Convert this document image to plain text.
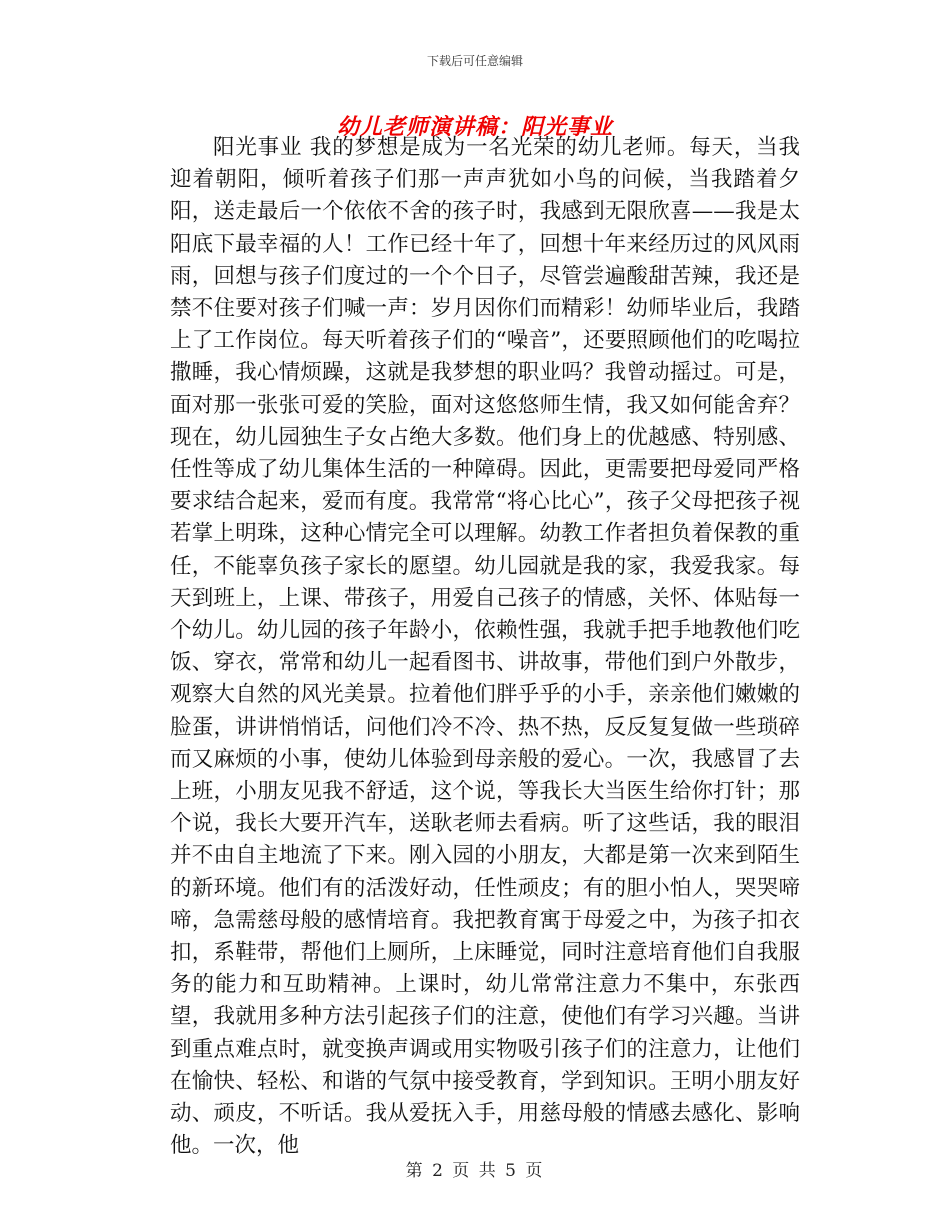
下载后可任意编辑
幼儿老师演讲稿：阳光事业

阳光事业 我的梦想是成为一名光荣的幼儿老师。每天，当我迎着朝阳，倾听着孩子们那一声声犹如小鸟的问候，当我踏着夕阳，送走最后一个依依不舍的孩子时，我感到无限欣喜——我是太阳底下最幸福的人！工作已经十年了，回想十年来经历过的风风雨雨，回想与孩子们度过的一个个日子，尽管尝遍酸甜苦辣，我还是禁不住要对孩子们喊一声：岁月因你们而精彩！幼师毕业后，我踏上了工作岗位。每天听着孩子们的“噪音”，还要照顾他们的吃喝拉撒睡，我心情烦躁，这就是我梦想的职业吗？我曾动摇过。可是，面对那一张张可爱的笑脸，面对这悠悠师生情，我又如何能舍弃？现在，幼儿园独生子女占绝大多数。他们身上的优越感、特别感、任性等成了幼儿集体生活的一种障碍。因此，更需要把母爱同严格要求结合起来，爱而有度。我常常“将心比心”，孩子父母把孩子视若掌上明珠，这种心情完全可以理解。幼教工作者担负着保教的重任，不能辜负孩子家长的愿望。幼儿园就是我的家，我爱我家。每天到班上，上课、带孩子，用爱自己孩子的情感，关怀、体贴每一个幼儿。幼儿园的孩子年龄小，依赖性强，我就手把手地教他们吃饭、穿衣，常常和幼儿一起看图书、讲故事，带他们到户外散步，观察大自然的风光美景。拉着他们胖乎乎的小手，亲亲他们嫩嫩的脸蛋，讲讲悄悄话，问他们冷不冷、热不热，反反复复做一些琐碎而又麻烦的小事，使幼儿体验到母亲般的爱心。一次，我感冒了去上班，小朋友见我不舒适，这个说，等我长大当医生给你打针；那个说，我长大要开汽车，送耿老师去看病。听了这些话，我的眼泪并不由自主地流了下来。刚入园的小朋友，大都是第一次来到陌生的新环境。他们有的活泼好动，任性顽皮；有的胆小怕人，哭哭啼啼，急需慈母般的感情培育。我把教育寓于母爱之中，为孩子扣衣扣，系鞋带，帮他们上厕所，上床睡觉，同时注意培育他们自我服务的能力和互助精神。上课时，幼儿常常注意力不集中，东张西望，我就用多种方法引起孩子们的注意，使他们有学习兴趣。当讲到重点难点时，就变换声调或用实物吸引孩子们的注意力，让他们在愉快、轻松、和谐的气氛中接受教育，学到知识。王明小朋友好动、顽皮，不听话。我从爱抚入手，用慈母般的情感去感化、影响他。一次，他

第 2 页 共 5 页
